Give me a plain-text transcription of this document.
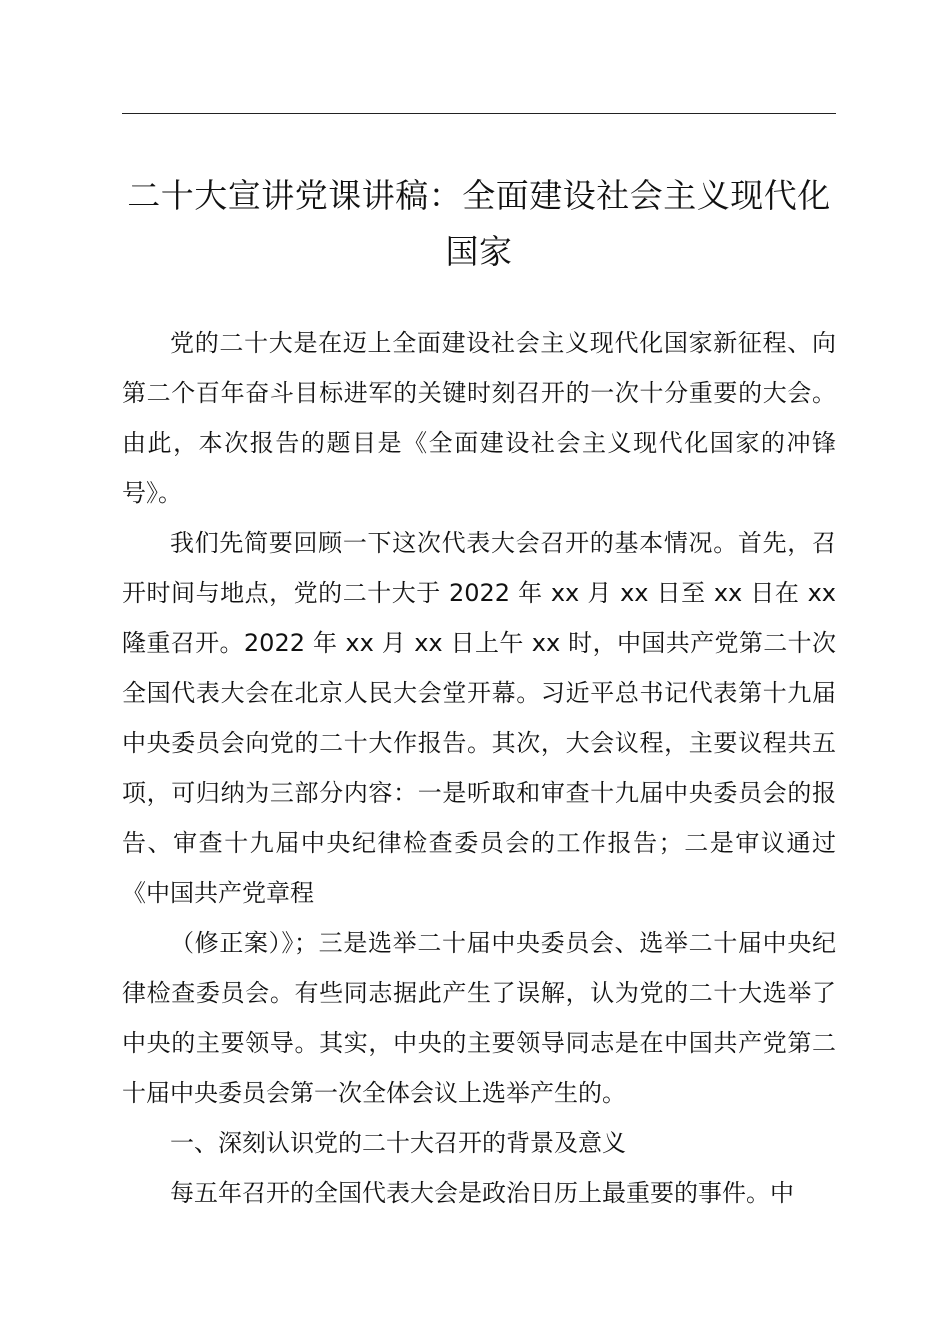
二十大宣讲党课讲稿：全面建设社会主义现代化国家

党的二十大是在迈上全面建设社会主义现代化国家新征程、向第二个百年奋斗目标进军的关键时刻召开的一次十分重要的大会。由此，本次报告的题目是《全面建设社会主义现代化国家的冲锋号》。

我们先简要回顾一下这次代表大会召开的基本情况。首先，召开时间与地点，党的二十大于 2022 年 xx 月 xx 日至 xx 日在 xx 隆重召开。2022 年 xx 月 xx 日上午 xx 时，中国共产党第二十次全国代表大会在北京人民大会堂开幕。习近平总书记代表第十九届中央委员会向党的二十大作报告。其次，大会议程，主要议程共五项，可归纳为三部分内容：一是听取和审查十九届中央委员会的报告、审查十九届中央纪律检查委员会的工作报告；二是审议通过《中国共产党章程

（修正案）》；三是选举二十届中央委员会、选举二十届中央纪律检查委员会。有些同志据此产生了误解，认为党的二十大选举了中央的主要领导。其实，中央的主要领导同志是在中国共产党第二十届中央委员会第一次全体会议上选举产生的。

一、深刻认识党的二十大召开的背景及意义

每五年召开的全国代表大会是政治日历上最重要的事件。中
